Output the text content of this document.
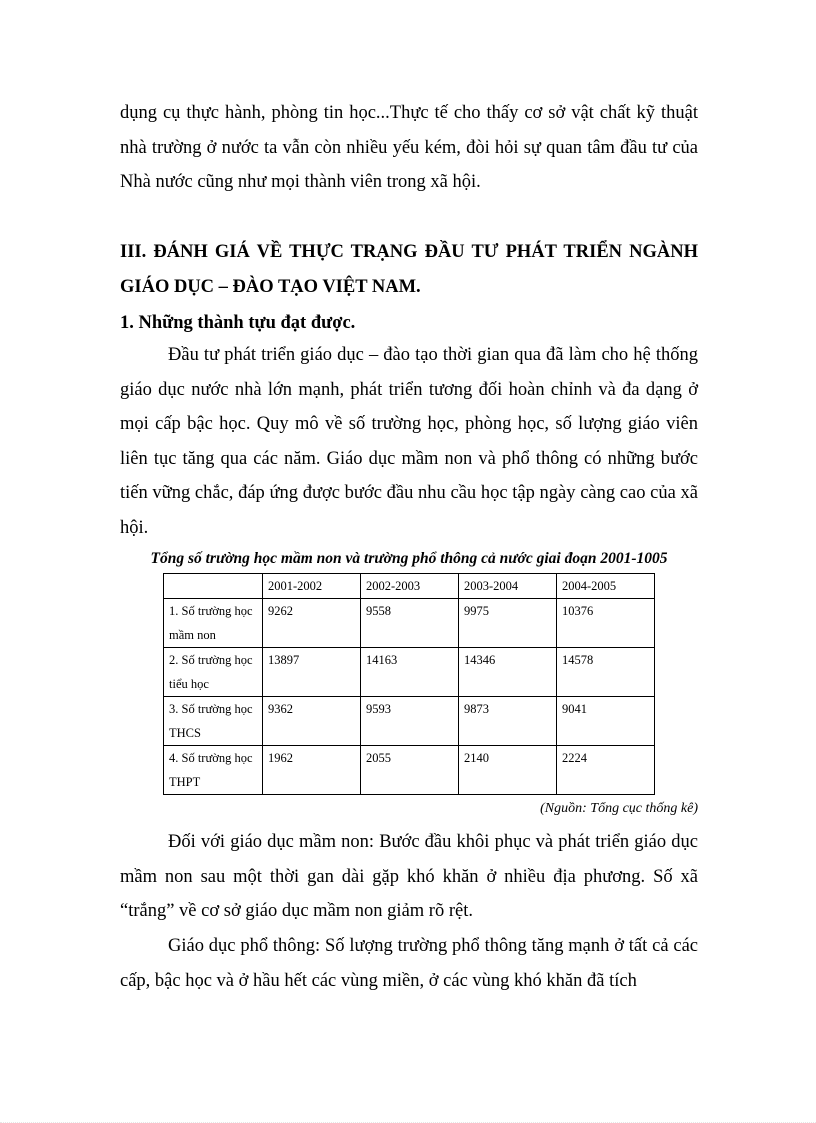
dụng cụ thực hành, phòng tin học...Thực tế cho thấy cơ sở vật chất kỹ thuật nhà trường ở nước ta vẫn còn nhiều yếu kém, đòi hỏi sự quan tâm đầu tư của Nhà nước cũng như mọi thành viên trong xã hội.

III. ĐÁNH GIÁ VỀ THỰC TRẠNG ĐẦU TƯ PHÁT TRIỂN NGÀNH GIÁO DỤC – ĐÀO TẠO VIỆT NAM.

1. Những thành tựu đạt được.

Đầu tư phát triển giáo dục – đào tạo thời gian qua đã làm cho hệ thống giáo dục nước nhà lớn mạnh, phát triển tương đối hoàn chỉnh và đa dạng ở mọi cấp bậc học. Quy mô về số trường học, phòng học, số lượng giáo viên liên tục tăng qua các năm. Giáo dục mầm non và phổ thông có những bước tiến vững chắc, đáp ứng được bước đầu nhu cầu học tập ngày càng cao của xã hội.

Tổng số trường học mầm non và trường phổ thông cả nước giai đoạn 2001-1005

	2001-2002	2002-2003	2003-2004	2004-2005
1. Số trường học mầm non	9262	9558	9975	10376
2. Số trường học tiểu học	13897	14163	14346	14578
3. Số trường học THCS	9362	9593	9873	9041
4. Số trường học THPT	1962	2055	2140	2224

(Nguồn: Tổng cục thống kê)

Đối với giáo dục mầm non: Bước đầu khôi phục và phát triển giáo dục mầm non sau một thời gan dài gặp khó khăn ở nhiều địa phương. Số xã “trắng” về cơ sở giáo dục mầm non giảm rõ rệt.

Giáo dục phổ thông: Số lượng trường phổ thông tăng mạnh ở tất cả các cấp, bậc học và ở hầu hết các vùng miền, ở các vùng khó khăn đã tích
